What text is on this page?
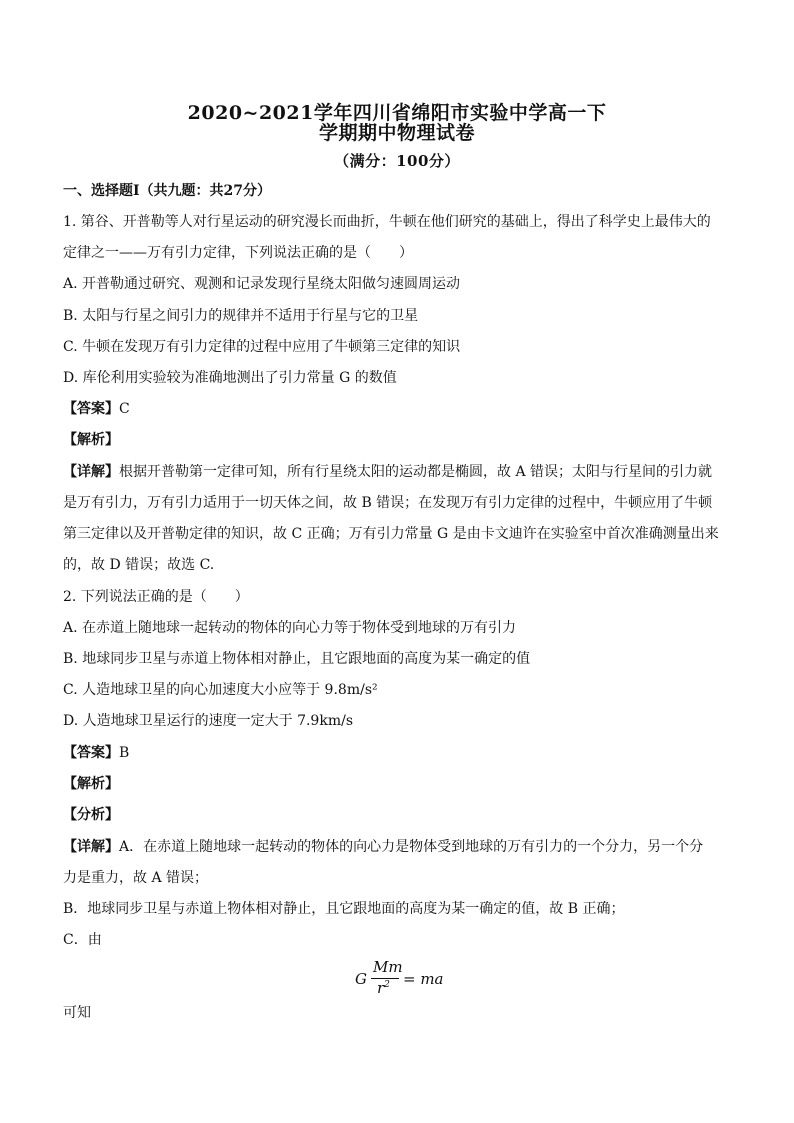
2020~2021学年四川省绵阳市实验中学高一下
学期期中物理试卷
（满分：100分）
一、选择题Ⅰ（共九题：共27分）
1. 第谷、开普勒等人对行星运动的研究漫长而曲折，牛顿在他们研究的基础上，得出了科学史上最伟大的
定律之一——万有引力定律，下列说法正确的是（　　）
A. 开普勒通过研究、观测和记录发现行星绕太阳做匀速圆周运动
B. 太阳与行星之间引力的规律并不适用于行星与它的卫星
C. 牛顿在发现万有引力定律的过程中应用了牛顿第三定律的知识
D. 库伦利用实验较为准确地测出了引力常量 G 的数值
【答案】C
【解析】
【详解】根据开普勒第一定律可知，所有行星绕太阳的运动都是椭圆，故 A 错误；太阳与行星间的引力就
是万有引力，万有引力适用于一切天体之间，故 B 错误；在发现万有引力定律的过程中，牛顿应用了牛顿
第三定律以及开普勒定律的知识，故 C 正确；万有引力常量 G 是由卡文迪许在实验室中首次准确测量出来
的，故 D 错误；故选 C.
2. 下列说法正确的是（　　）
A. 在赤道上随地球一起转动的物体的向心力等于物体受到地球的万有引力
B. 地球同步卫星与赤道上物体相对静止，且它跟地面的高度为某一确定的值
C. 人造地球卫星的向心加速度大小应等于 9.8m/s²
D. 人造地球卫星运行的速度一定大于 7.9km/s
【答案】B
【解析】
【分析】
【详解】A．在赤道上随地球一起转动的物体的向心力是物体受到地球的万有引力的一个分力，另一个分
力是重力，故 A 错误；
B．地球同步卫星与赤道上物体相对静止，且它跟地面的高度为某一确定的值，故 B 正确；
C．由
G
Mm
$r^2$ = ma
可知
